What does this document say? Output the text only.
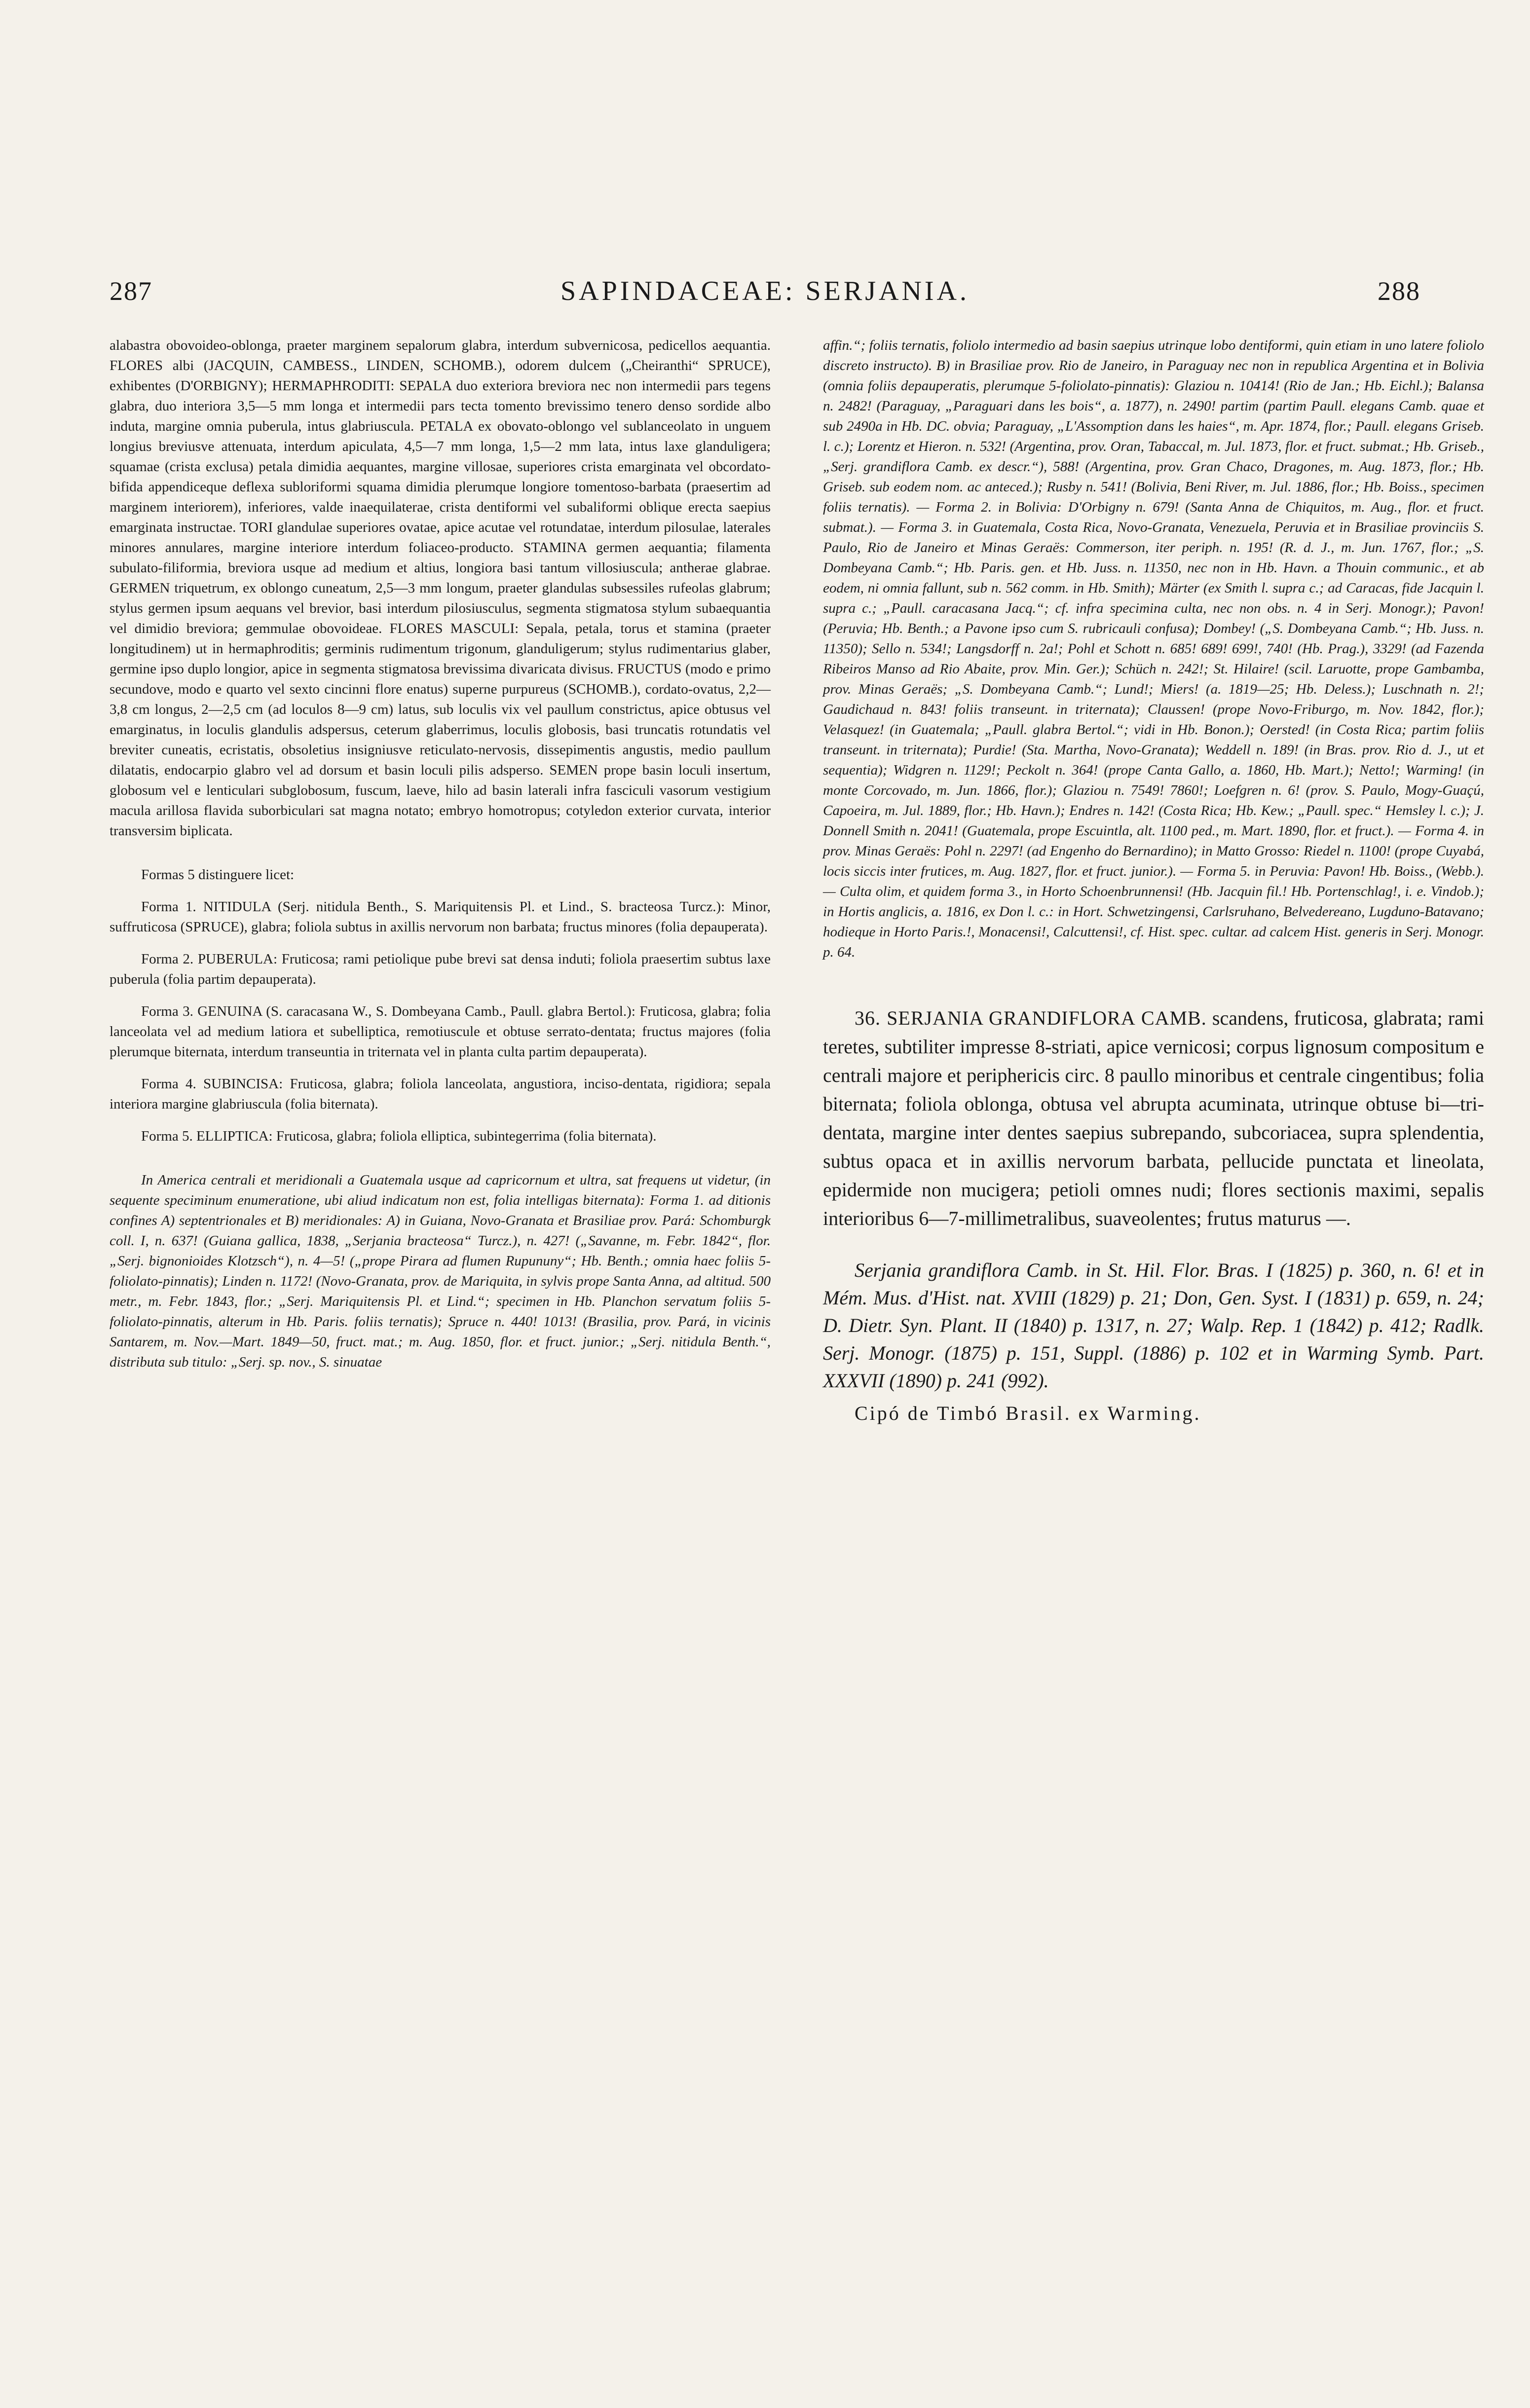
287	SAPINDACEAE: SERJANIA.	288

alabastra obovoideo-oblonga, praeter marginem sepalorum glabra, interdum subvernicosa, pedicellos aequantia. FLORES albi (JACQUIN, CAMBESS., LINDEN, SCHOMB.), odorem dulcem („Cheiranthi“ SPRUCE), exhibentes (D'ORBIGNY); HERMAPHRODITI: SEPALA duo exteriora breviora nec non intermedii pars tegens glabra, duo interiora 3,5—5 mm longa et intermedii pars tecta tomento brevissimo tenero denso sordide albo induta, margine omnia puberula, intus glabriuscula. PETALA ex obovato-oblongo vel sublanceolato in unguem longius breviusve attenuata, interdum apiculata, 4,5—7 mm longa, 1,5—2 mm lata, intus laxe glanduligera; squamae (crista exclusa) petala dimidia aequantes, margine villosae, superiores crista emarginata vel obcordato-bifida appendiceque deflexa subloriformi squama dimidia plerumque longiore tomentoso-barbata (praesertim ad marginem interiorem), inferiores, valde inaequilaterae, crista dentiformi vel subaliformi oblique erecta saepius emarginata instructae. TORI glandulae superiores ovatae, apice acutae vel rotundatae, interdum pilosulae, laterales minores annulares, margine interiore interdum foliaceo-producto. STAMINA germen aequantia; filamenta subulato-filiformia, breviora usque ad medium et altius, longiora basi tantum villosiuscula; antherae glabrae. GERMEN triquetrum, ex oblongo cuneatum, 2,5—3 mm longum, praeter glandulas subsessiles rufeolas glabrum; stylus germen ipsum aequans vel brevior, basi interdum pilosiusculus, segmenta stigmatosa stylum subaequantia vel dimidio breviora; gemmulae obovoideae. FLORES MASCULI: Sepala, petala, torus et stamina (praeter longitudinem) ut in hermaphroditis; germinis rudimentum trigonum, glanduligerum; stylus rudimentarius glaber, germine ipso duplo longior, apice in segmenta stigmatosa brevissima divaricata divisus. FRUCTUS (modo e primo secundove, modo e quarto vel sexto cincinni flore enatus) superne purpureus (SCHOMB.), cordato-ovatus, 2,2—3,8 cm longus, 2—2,5 cm (ad loculos 8—9 cm) latus, sub loculis vix vel paullum constrictus, apice obtusus vel emarginatus, in loculis glandulis adspersus, ceterum glaberrimus, loculis globosis, basi truncatis rotundatis vel breviter cuneatis, ecristatis, obsoletius insigniusve reticulato-nervosis, dissepimentis angustis, medio paullum dilatatis, endocarpio glabro vel ad dorsum et basin loculi pilis adsperso. SEMEN prope basin loculi insertum, globosum vel e lenticulari subglobosum, fuscum, laeve, hilo ad basin laterali infra fasciculi vasorum vestigium macula arillosa flavida suborbiculari sat magna notato; embryo homotropus; cotyledon exterior curvata, interior transversim biplicata.

Formas 5 distinguere licet:

Forma 1. NITIDULA (Serj. nitidula Benth., S. Mariquitensis Pl. et Lind., S. bracteosa Turcz.): Minor, suffruticosa (SPRUCE), glabra; foliola subtus in axillis nervorum non barbata; fructus minores (folia depauperata).

Forma 2. PUBERULA: Fruticosa; rami petiolique pube brevi sat densa induti; foliola praesertim subtus laxe puberula (folia partim depauperata).

Forma 3. GENUINA (S. caracasana W., S. Dombeyana Camb., Paull. glabra Bertol.): Fruticosa, glabra; folia lanceolata vel ad medium latiora et subelliptica, remotiuscule et obtuse serrato-dentata; fructus majores (folia plerumque biternata, interdum transeuntia in triternata vel in planta culta partim depauperata).

Forma 4. SUBINCISA: Fruticosa, glabra; foliola lanceolata, angustiora, inciso-dentata, rigidiora; sepala interiora margine glabriuscula (folia biternata).

Forma 5. ELLIPTICA: Fruticosa, glabra; foliola elliptica, subintegerrima (folia biternata).

In America centrali et meridionali a Guatemala usque ad capricornum et ultra, sat frequens ut videtur, (in sequente speciminum enumeratione, ubi aliud indicatum non est, folia intelligas biternata): Forma 1. ad ditionis confines A) septentrionales et B) meridionales: A) in Guiana, Novo-Granata et Brasiliae prov. Pará: Schomburgk coll. I, n. 637! (Guiana gallica, 1838, „Serjania bracteosa“ Turcz.), n. 427! („Savanne, m. Febr. 1842“, flor. „Serj. bignonioides Klotzsch“), n. 4—5! („prope Pirara ad flumen Rupununy“; Hb. Benth.; omnia haec foliis 5-foliolato-pinnatis); Linden n. 1172! (Novo-Granata, prov. de Mariquita, in sylvis prope Santa Anna, ad altitud. 500 metr., m. Febr. 1843, flor.; „Serj. Mariquitensis Pl. et Lind.“; specimen in Hb. Planchon servatum foliis 5-foliolato-pinnatis, alterum in Hb. Paris. foliis ternatis); Spruce n. 440! 1013! (Brasilia, prov. Pará, in vicinis Santarem, m. Nov.—Mart. 1849—50, fruct. mat.; m. Aug. 1850, flor. et fruct. junior.; „Serj. nitidula Benth.“, distributa sub titulo: „Serj. sp. nov., S. sinuatae

affin.“; foliis ternatis, foliolo intermedio ad basin saepius utrinque lobo dentiformi, quin etiam in uno latere foliolo discreto instructo). B) in Brasiliae prov. Rio de Janeiro, in Paraguay nec non in republica Argentina et in Bolivia (omnia foliis depauperatis, plerumque 5-foliolato-pinnatis): Glaziou n. 10414! (Rio de Jan.; Hb. Eichl.); Balansa n. 2482! (Paraguay, „Paraguari dans les bois“, a. 1877), n. 2490! partim (partim Paull. elegans Camb. quae et sub 2490a in Hb. DC. obvia; Paraguay, „L'Assomption dans les haies“, m. Apr. 1874, flor.; Paull. elegans Griseb. l. c.); Lorentz et Hieron. n. 532! (Argentina, prov. Oran, Tabaccal, m. Jul. 1873, flor. et fruct. submat.; Hb. Griseb., „Serj. grandiflora Camb. ex descr.“), 588! (Argentina, prov. Gran Chaco, Dragones, m. Aug. 1873, flor.; Hb. Griseb. sub eodem nom. ac anteced.); Rusby n. 541! (Bolivia, Beni River, m. Jul. 1886, flor.; Hb. Boiss., specimen foliis ternatis). — Forma 2. in Bolivia: D'Orbigny n. 679! (Santa Anna de Chiquitos, m. Aug., flor. et fruct. submat.). — Forma 3. in Guatemala, Costa Rica, Novo-Granata, Venezuela, Peruvia et in Brasiliae provinciis S. Paulo, Rio de Janeiro et Minas Geraës: Commerson, iter periph. n. 195! (R. d. J., m. Jun. 1767, flor.; „S. Dombeyana Camb.“; Hb. Paris. gen. et Hb. Juss. n. 11350, nec non in Hb. Havn. a Thouin communic., et ab eodem, ni omnia fallunt, sub n. 562 comm. in Hb. Smith); Märter (ex Smith l. supra c.; ad Caracas, fide Jacquin l. supra c.; „Paull. caracasana Jacq.“; cf. infra specimina culta, nec non obs. n. 4 in Serj. Monogr.); Pavon! (Peruvia; Hb. Benth.; a Pavone ipso cum S. rubricauli confusa); Dombey! („S. Dombeyana Camb.“; Hb. Juss. n. 11350); Sello n. 534!; Langsdorff n. 2a!; Pohl et Schott n. 685! 689! 699!, 740! (Hb. Prag.), 3329! (ad Fazenda Ribeiros Manso ad Rio Abaite, prov. Min. Ger.); Schüch n. 242!; St. Hilaire! (scil. Laruotte, prope Gambamba, prov. Minas Geraës; „S. Dombeyana Camb.“; Lund!; Miers! (a. 1819—25; Hb. Deless.); Luschnath n. 2!; Gaudichaud n. 843! foliis transeunt. in triternata); Claussen! (prope Novo-Friburgo, m. Nov. 1842, flor.); Velasquez! (in Guatemala; „Paull. glabra Bertol.“; vidi in Hb. Bonon.); Oersted! (in Costa Rica; partim foliis transeunt. in triternata); Purdie! (Sta. Martha, Novo-Granata); Weddell n. 189! (in Bras. prov. Rio d. J., ut et sequentia); Widgren n. 1129!; Peckolt n. 364! (prope Canta Gallo, a. 1860, Hb. Mart.); Netto!; Warming! (in monte Corcovado, m. Jun. 1866, flor.); Glaziou n. 7549! 7860!; Loefgren n. 6! (prov. S. Paulo, Mogy-Guaçú, Capoeira, m. Jul. 1889, flor.; Hb. Havn.); Endres n. 142! (Costa Rica; Hb. Kew.; „Paull. spec.“ Hemsley l. c.); J. Donnell Smith n. 2041! (Guatemala, prope Escuintla, alt. 1100 ped., m. Mart. 1890, flor. et fruct.). — Forma 4. in prov. Minas Geraës: Pohl n. 2297! (ad Engenho do Bernardino); in Matto Grosso: Riedel n. 1100! (prope Cuyabá, locis siccis inter frutices, m. Aug. 1827, flor. et fruct. junior.). — Forma 5. in Peruvia: Pavon! Hb. Boiss., (Webb.). — Culta olim, et quidem forma 3., in Horto Schoenbrunnensi! (Hb. Jacquin fil.! Hb. Portenschlag!, i. e. Vindob.); in Hortis anglicis, a. 1816, ex Don l. c.: in Hort. Schwetzingensi, Carlsruhano, Belvedereano, Lugduno-Batavano; hodieque in Horto Paris.!, Monacensi!, Calcuttensi!, cf. Hist. spec. cultar. ad calcem Hist. generis in Serj. Monogr. p. 64.

36. SERJANIA GRANDIFLORA CAMB. scandens, fruticosa, glabrata; rami teretes, subtiliter impresse 8-striati, apice vernicosi; corpus lignosum compositum e centrali majore et periphericis circ. 8 paullo minoribus et centrale cingentibus; folia biternata; foliola oblonga, obtusa vel abrupta acuminata, utrinque obtuse bi—tri-dentata, margine inter dentes saepius subrepando, subcoriacea, supra splendentia, subtus opaca et in axillis nervorum barbata, pellucide punctata et lineolata, epidermide non mucigera; petioli omnes nudi; flores sectionis maximi, sepalis interioribus 6—7-millimetralibus, suaveolentes; frutus maturus —.

Serjania grandiflora Camb. in St. Hil. Flor. Bras. I (1825) p. 360, n. 6! et in Mém. Mus. d'Hist. nat. XVIII (1829) p. 21; Don, Gen. Syst. I (1831) p. 659, n. 24; D. Dietr. Syn. Plant. II (1840) p. 1317, n. 27; Walp. Rep. 1 (1842) p. 412; Radlk. Serj. Monogr. (1875) p. 151, Suppl. (1886) p. 102 et in Warming Symb. Part. XXXVII (1890) p. 241 (992).

Cipó de Timbó Brasil. ex Warming.
